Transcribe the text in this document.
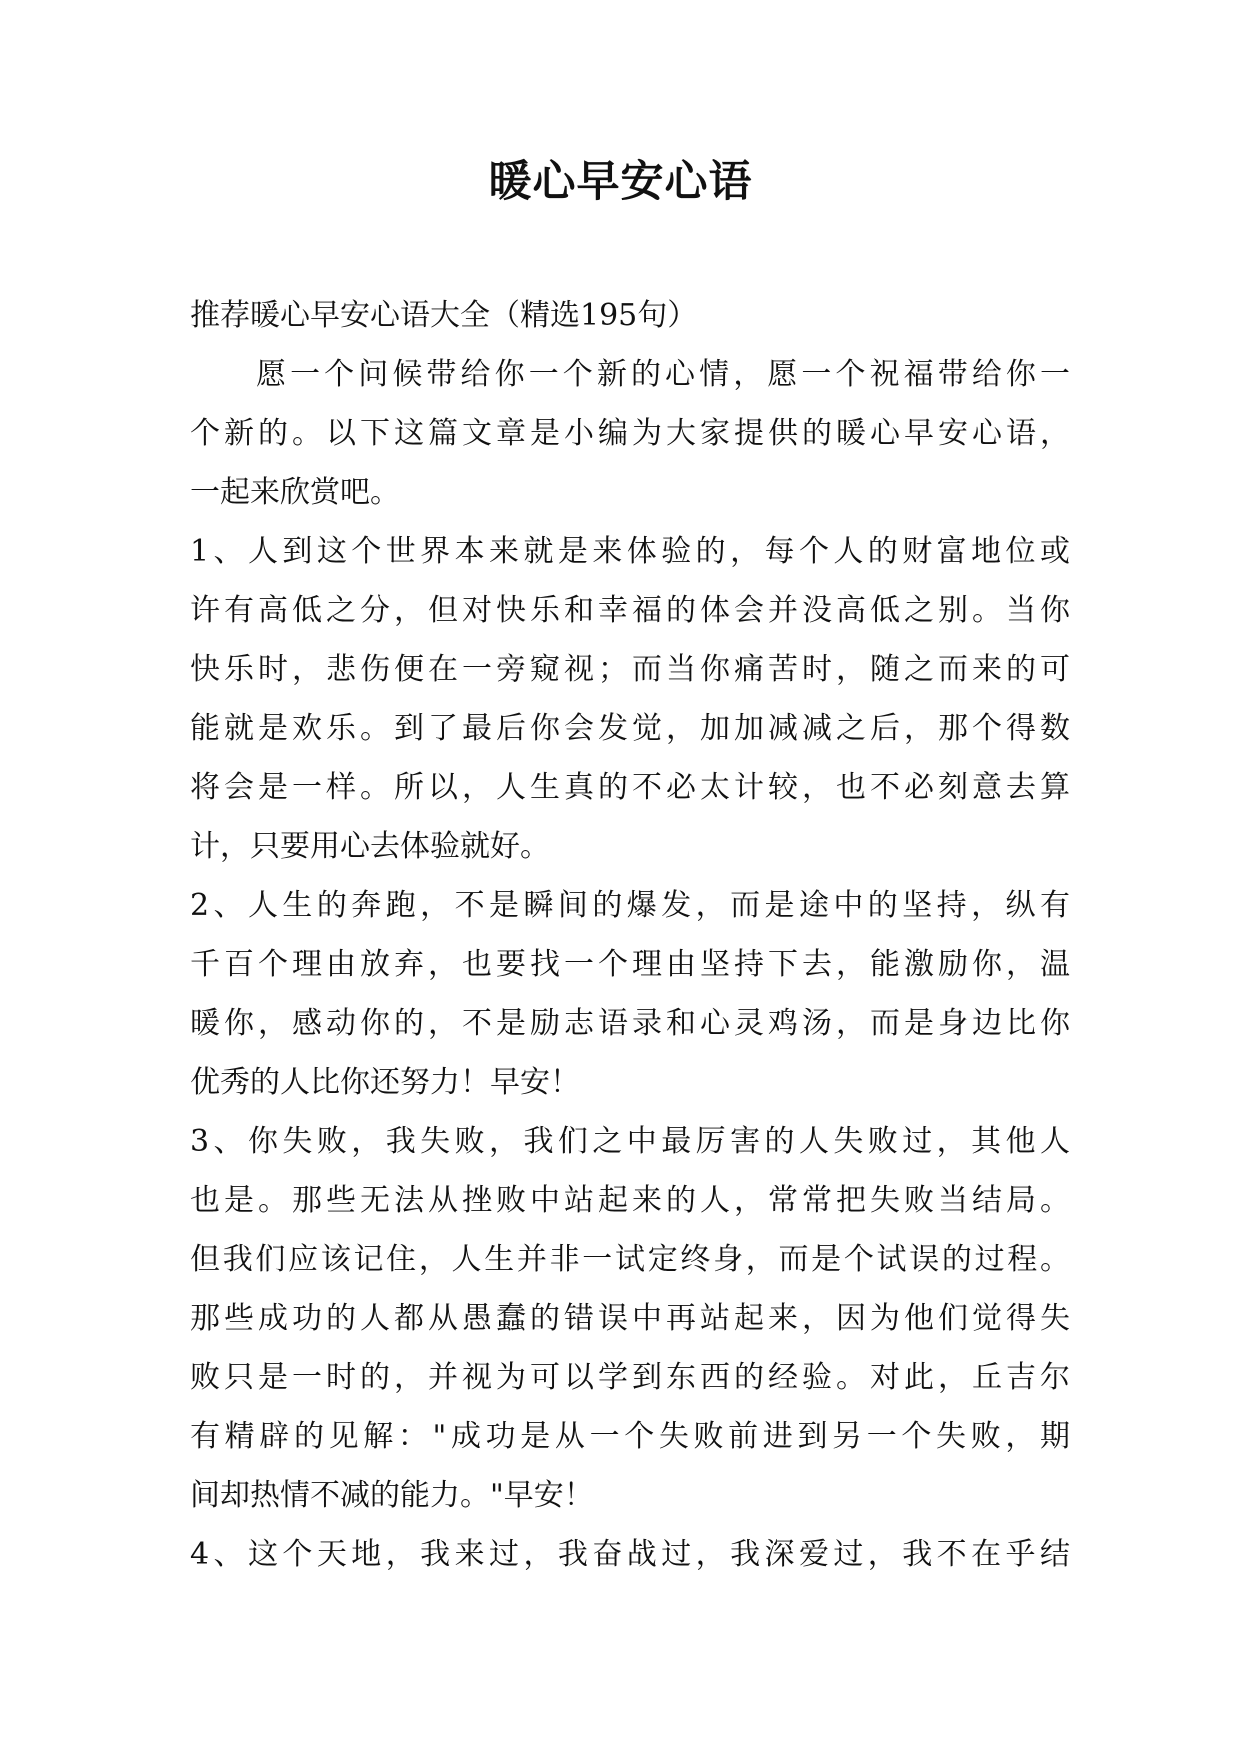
暖心早安心语
推荐暖心早安心语大全（精选195句）
愿一个问候带给你一个新的心情，愿一个祝福带给你一
个新的。以下这篇文章是小编为大家提供的暖心早安心语，
一起来欣赏吧。
1、人到这个世界本来就是来体验的，每个人的财富地位或
许有高低之分，但对快乐和幸福的体会并没高低之别。当你
快乐时，悲伤便在一旁窥视；而当你痛苦时，随之而来的可
能就是欢乐。到了最后你会发觉，加加减减之后，那个得数
将会是一样。所以，人生真的不必太计较，也不必刻意去算
计，只要用心去体验就好。
2、人生的奔跑，不是瞬间的爆发，而是途中的坚持，纵有
千百个理由放弃，也要找一个理由坚持下去，能激励你，温
暖你，感动你的，不是励志语录和心灵鸡汤，而是身边比你
优秀的人比你还努力！早安！
3、你失败，我失败，我们之中最厉害的人失败过，其他人
也是。那些无法从挫败中站起来的人，常常把失败当结局。
但我们应该记住，人生并非一试定终身，而是个试误的过程。
那些成功的人都从愚蠢的错误中再站起来，因为他们觉得失
败只是一时的，并视为可以学到东西的经验。对此，丘吉尔
有精辟的见解："成功是从一个失败前进到另一个失败，期
间却热情不减的能力。"早安！
4、这个天地，我来过，我奋战过，我深爱过，我不在乎结
